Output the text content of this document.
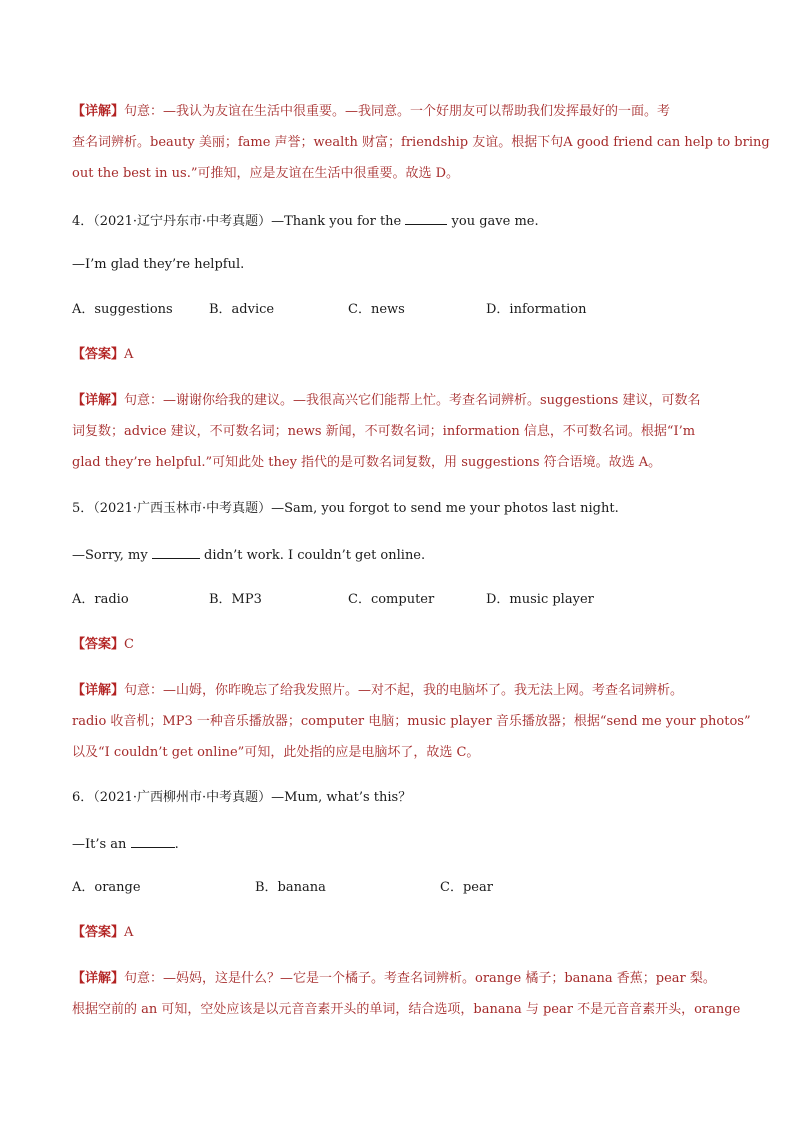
【详解】句意：—我认为友谊在生活中很重要。—我同意。一个好朋友可以帮助我们发挥最好的一面。考
查名词辨析。beauty 美丽；fame 声誉；wealth 财富；friendship 友谊。根据下句A good friend can help to bring
out the best in us.”可推知，应是友谊在生活中很重要。故选 D。
4．（2021·辽宁丹东市·中考真题）—Thank you for the	you gave me.
—I’m glad they’re helpful.
A．suggestions	B．advice	C．news	D．information
【答案】A
【详解】句意：—谢谢你给我的建议。—我很高兴它们能帮上忙。考查名词辨析。suggestions 建议，可数名
词复数；advice 建议，不可数名词；news 新闻，不可数名词；information 信息，不可数名词。根据“I’m
glad they’re helpful.”可知此处 they 指代的是可数名词复数，用 suggestions 符合语境。故选 A。
5．（2021·广西玉林市·中考真题）—Sam, you forgot to send me your photos last night.
—Sorry, my	didn’t work. I couldn’t get online.
A．radio	B．MP3	C．computer	D．music player
【答案】C
【详解】句意：—山姆，你昨晚忘了给我发照片。—对不起，我的电脑坏了。我无法上网。考查名词辨析。
radio 收音机；MP3 一种音乐播放器；computer 电脑；music player 音乐播放器；根据“send me your photos”
以及“I couldn’t get online”可知，此处指的应是电脑坏了，故选 C。
6．（2021·广西柳州市·中考真题）—Mum, what’s this？
—It’s an	.
A．orange	B．banana	C．pear
【答案】A
【详解】句意：—妈妈，这是什么？—它是一个橘子。考查名词辨析。orange 橘子；banana 香蕉；pear 梨。
根据空前的 an 可知，空处应该是以元音音素开头的单词，结合选项，banana 与 pear 不是元音音素开头，orange
